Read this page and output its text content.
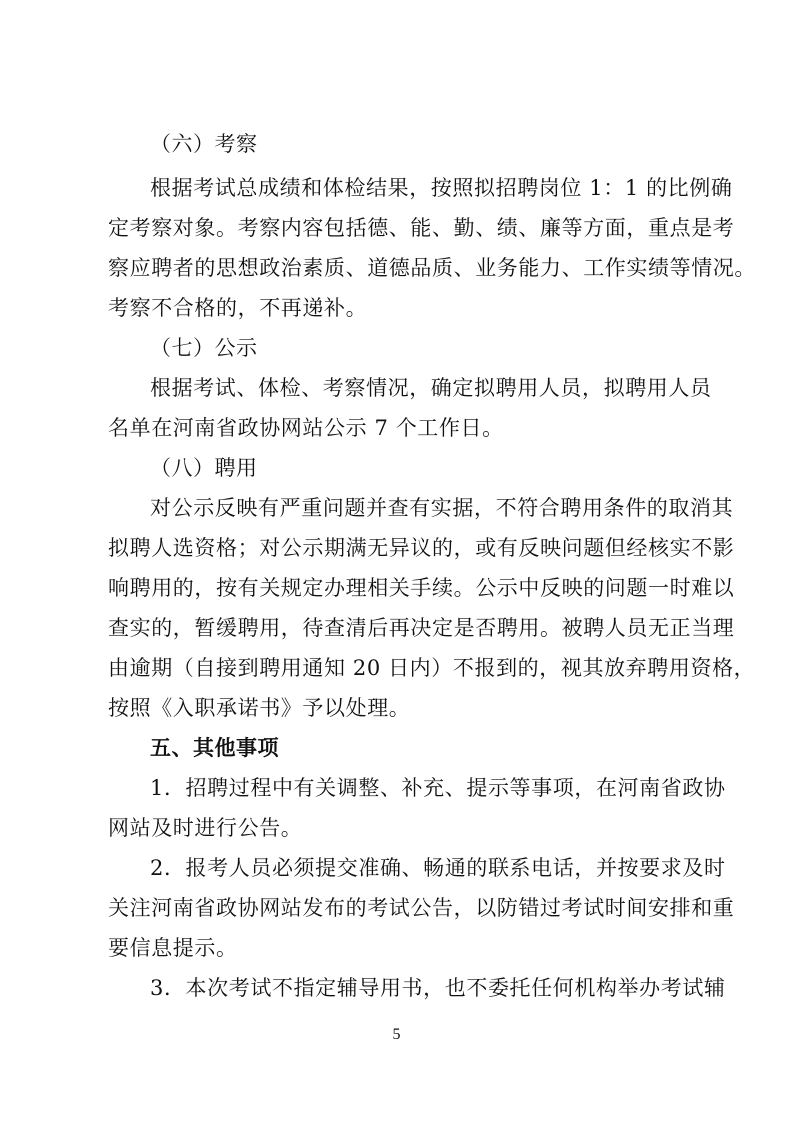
（六）考察
根据考试总成绩和体检结果，按照拟招聘岗位 1：1 的比例确
定考察对象。考察内容包括德、能、勤、绩、廉等方面，重点是考
察应聘者的思想政治素质、道德品质、业务能力、工作实绩等情况。
考察不合格的，不再递补。
（七）公示
根据考试、体检、考察情况，确定拟聘用人员，拟聘用人员
名单在河南省政协网站公示 7 个工作日。
（八）聘用
对公示反映有严重问题并查有实据，不符合聘用条件的取消其
拟聘人选资格；对公示期满无异议的，或有反映问题但经核实不影
响聘用的，按有关规定办理相关手续。公示中反映的问题一时难以
查实的，暂缓聘用，待查清后再决定是否聘用。被聘人员无正当理
由逾期（自接到聘用通知 20 日内）不报到的，视其放弃聘用资格，
按照《入职承诺书》予以处理。
五、其他事项
1．招聘过程中有关调整、补充、提示等事项，在河南省政协
网站及时进行公告。
2．报考人员必须提交准确、畅通的联系电话，并按要求及时
关注河南省政协网站发布的考试公告，以防错过考试时间安排和重
要信息提示。
3．本次考试不指定辅导用书，也不委托任何机构举办考试辅
5
